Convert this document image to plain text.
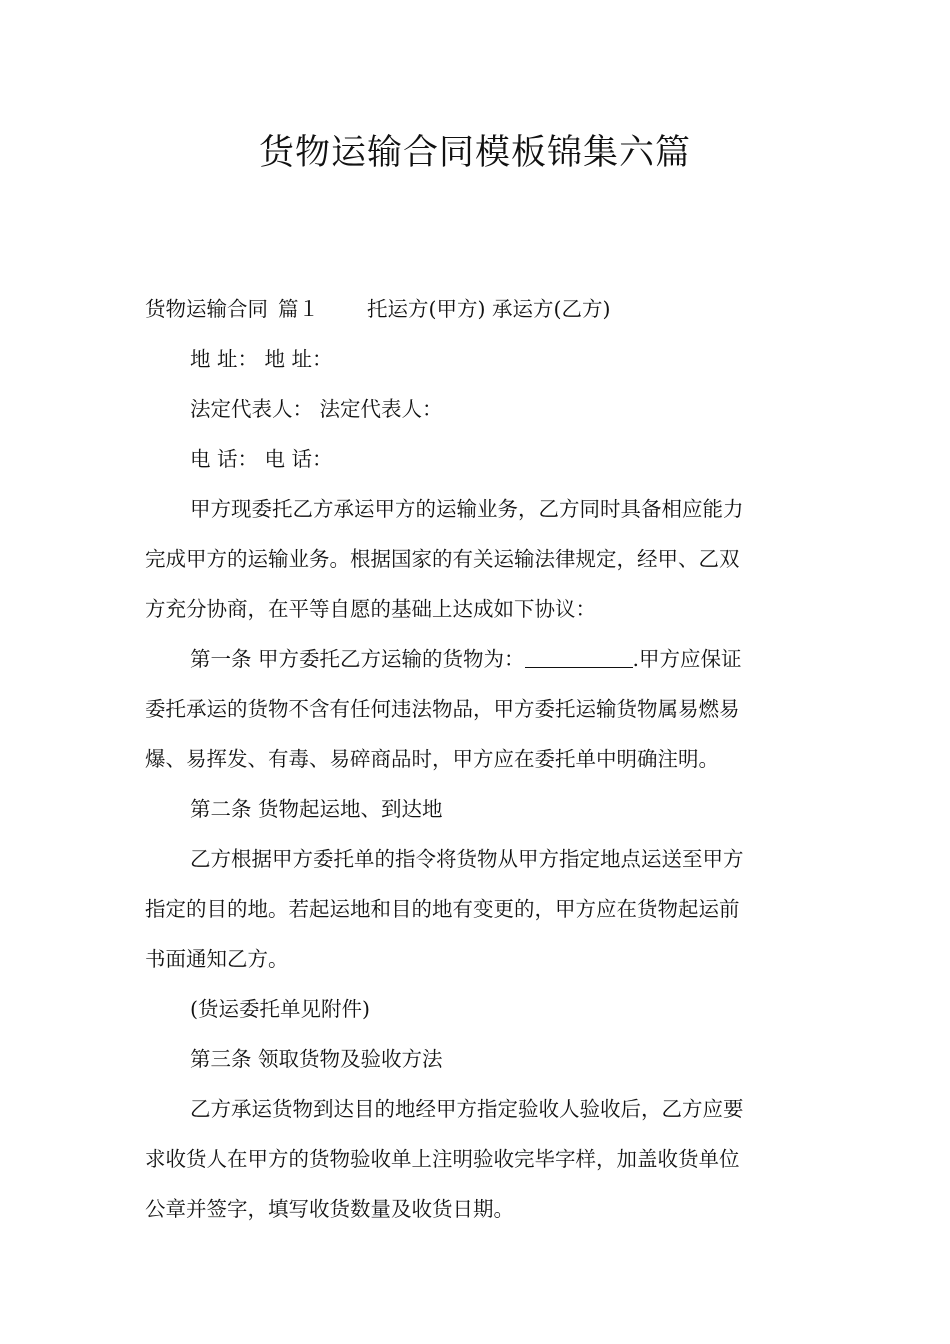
货物运输合同模板锦集六篇

货物运输合同 篇１ 托运方(甲方) 承运方(乙方)

地 址： 地 址：

法定代表人： 法定代表人：

电 话： 电 话：

甲方现委托乙方承运甲方的运输业务，乙方同时具备相应能力

完成甲方的运输业务。根据国家的有关运输法律规定，经甲、乙双

方充分协商，在平等自愿的基础上达成如下协议：

第一条 甲方委托乙方运输的货物为：	.甲方应保证

委托承运的货物不含有任何违法物品，甲方委托运输货物属易燃易

爆、易挥发、有毒、易碎商品时，甲方应在委托单中明确注明。

第二条 货物起运地、到达地

乙方根据甲方委托单的指令将货物从甲方指定地点运送至甲方

指定的目的地。若起运地和目的地有变更的，甲方应在货物起运前

书面通知乙方。

(货运委托单见附件)

第三条 领取货物及验收方法

乙方承运货物到达目的地经甲方指定验收人验收后，乙方应要

求收货人在甲方的货物验收单上注明验收完毕字样，加盖收货单位

公章并签字，填写收货数量及收货日期。
